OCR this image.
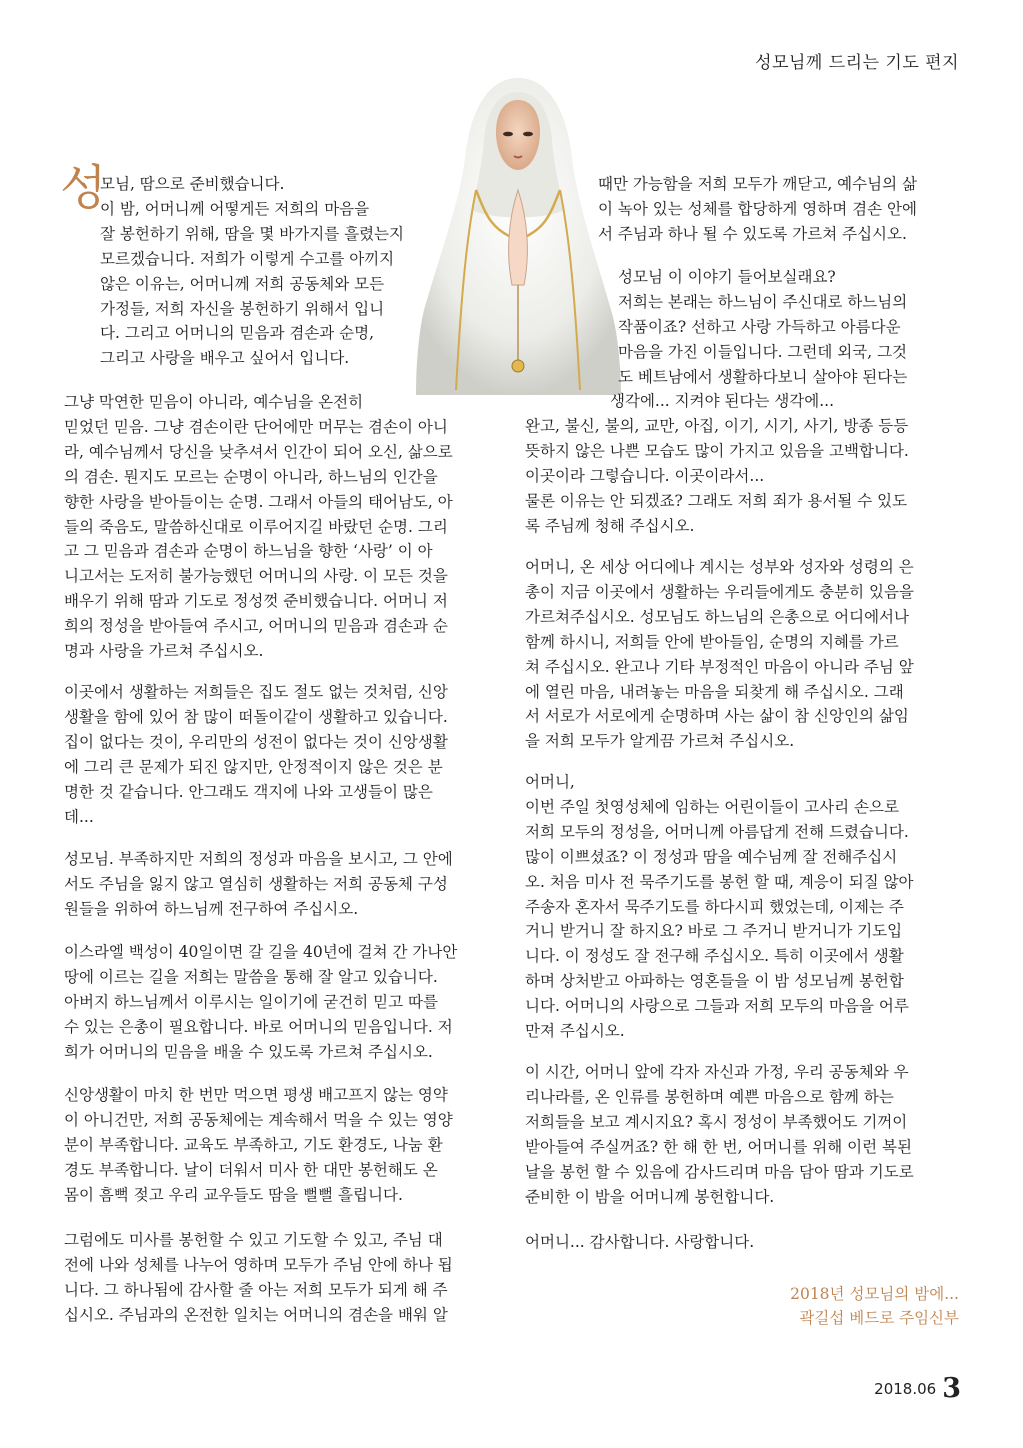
성모님께 드리는 기도 편지
성

모님, 땀으로 준비했습니다.
이 밤, 어머니께 어떻게든 저희의 마음을
잘 봉헌하기 위해, 땀을 몇 바가지를 흘렸는지
모르겠습니다. 저희가 이렇게 수고를 아끼지
않은 이유는, 어머니께 저희 공동체와 모든
가정들, 저희 자신을 봉헌하기 위해서 입니
다. 그리고 어머니의 믿음과 겸손과 순명,
그리고 사랑을 배우고 싶어서 입니다.

그냥 막연한 믿음이 아니라, 예수님을 온전히
믿었던 믿음. 그냥 겸손이란 단어에만 머무는 겸손이 아니
라, 예수님께서 당신을 낮추셔서 인간이 되어 오신, 삶으로
의 겸손. 뭔지도 모르는 순명이 아니라, 하느님의 인간을
향한 사랑을 받아들이는 순명. 그래서 아들의 태어남도, 아
들의 죽음도, 말씀하신대로 이루어지길 바랐던 순명. 그리
고 그 믿음과 겸손과 순명이 하느님을 향한 ‘사랑’ 이 아
니고서는 도저히 불가능했던 어머니의 사랑. 이 모든 것을
배우기 위해 땀과 기도로 정성껏 준비했습니다. 어머니 저
희의 정성을 받아들여 주시고, 어머니의 믿음과 겸손과 순
명과 사랑을 가르쳐 주십시오.

이곳에서 생활하는 저희들은 집도 절도 없는 것처럼, 신앙
생활을 함에 있어 참 많이 떠돌이같이 생활하고 있습니다.
집이 없다는 것이, 우리만의 성전이 없다는 것이 신앙생활
에 그리 큰 문제가 되진 않지만, 안정적이지 않은 것은 분
명한 것 같습니다. 안그래도 객지에 나와 고생들이 많은
데...

성모님. 부족하지만 저희의 정성과 마음을 보시고, 그 안에
서도 주님을 잃지 않고 열심히 생활하는 저희 공동체 구성
원들을 위하여 하느님께 전구하여 주십시오.

이스라엘 백성이 40일이면 갈 길을 40년에 걸쳐 간 가나안
땅에 이르는 길을 저희는 말씀을 통해 잘 알고 있습니다.
아버지 하느님께서 이루시는 일이기에 굳건히 믿고 따를
수 있는 은총이 필요합니다. 바로 어머니의 믿음입니다. 저
희가 어머니의 믿음을 배울 수 있도록 가르쳐 주십시오.

신앙생활이 마치 한 번만 먹으면 평생 배고프지 않는 영약
이 아니건만, 저희 공동체에는 계속해서 먹을 수 있는 영양
분이 부족합니다. 교육도 부족하고, 기도 환경도, 나눔 환
경도 부족합니다. 날이 더워서 미사 한 대만 봉헌해도 온
몸이 흠뻑 젖고 우리 교우들도 땀을 뻘뻘 흘립니다.

그럼에도 미사를 봉헌할 수 있고 기도할 수 있고, 주님 대
전에 나와 성체를 나누어 영하며 모두가 주님 안에 하나 됩
니다. 그 하나됨에 감사할 줄 아는 저희 모두가 되게 해 주
십시오. 주님과의 온전한 일치는 어머니의 겸손을 배워 알

때만 가능함을 저희 모두가 깨닫고, 예수님의 삶
이 녹아 있는 성체를 합당하게 영하며 겸손 안에
서 주님과 하나 될 수 있도록 가르쳐 주십시오.

성모님 이 이야기 들어보실래요?
저희는 본래는 하느님이 주신대로 하느님의
작품이죠? 선하고 사랑 가득하고 아름다운
마음을 가진 이들입니다. 그런데 외국, 그것
도 베트남에서 생활하다보니 살아야 된다는

생각에... 지켜야 된다는 생각에...

완고, 불신, 불의, 교만, 아집, 이기, 시기, 사기, 방종 등등
뜻하지 않은 나쁜 모습도 많이 가지고 있음을 고백합니다.
이곳이라 그렇습니다. 이곳이라서...
물론 이유는 안 되겠죠? 그래도 저희 죄가 용서될 수 있도
록 주님께 청해 주십시오.

어머니, 온 세상 어디에나 계시는 성부와 성자와 성령의 은
총이 지금 이곳에서 생활하는 우리들에게도 충분히 있음을
가르쳐주십시오. 성모님도 하느님의 은총으로 어디에서나
함께 하시니, 저희들 안에 받아들임, 순명의 지혜를 가르
쳐 주십시오. 완고나 기타 부정적인 마음이 아니라 주님 앞
에 열린 마음, 내려놓는 마음을 되찾게 해 주십시오. 그래
서 서로가 서로에게 순명하며 사는 삶이 참 신앙인의 삶임
을 저희 모두가 알게끔 가르쳐 주십시오.

어머니,
이번 주일 첫영성체에 임하는 어린이들이 고사리 손으로
저희 모두의 정성을, 어머니께 아름답게 전해 드렸습니다.
많이 이쁘셨죠? 이 정성과 땀을 예수님께 잘 전해주십시
오. 처음 미사 전 묵주기도를 봉헌 할 때, 계응이 되질 않아
주송자 혼자서 묵주기도를 하다시피 했었는데, 이제는 주
거니 받거니 잘 하지요? 바로 그 주거니 받거니가 기도입
니다. 이 정성도 잘 전구해 주십시오. 특히 이곳에서 생활
하며 상처받고 아파하는 영혼들을 이 밤 성모님께 봉헌합
니다. 어머니의 사랑으로 그들과 저희 모두의 마음을 어루
만져 주십시오.

이 시간, 어머니 앞에 각자 자신과 가정, 우리 공동체와 우
리나라를, 온 인류를 봉헌하며 예쁜 마음으로 함께 하는
저희들을 보고 계시지요? 혹시 정성이 부족했어도 기꺼이
받아들여 주실꺼죠? 한 해 한 번, 어머니를 위해 이런 복된
날을 봉헌 할 수 있음에 감사드리며 마음 담아 땀과 기도로
준비한 이 밤을 어머니께 봉헌합니다.

어머니... 감사합니다. 사랑합니다.

2018년 성모님의 밤에...
곽길섭 베드로 주임신부
2018.06 3
